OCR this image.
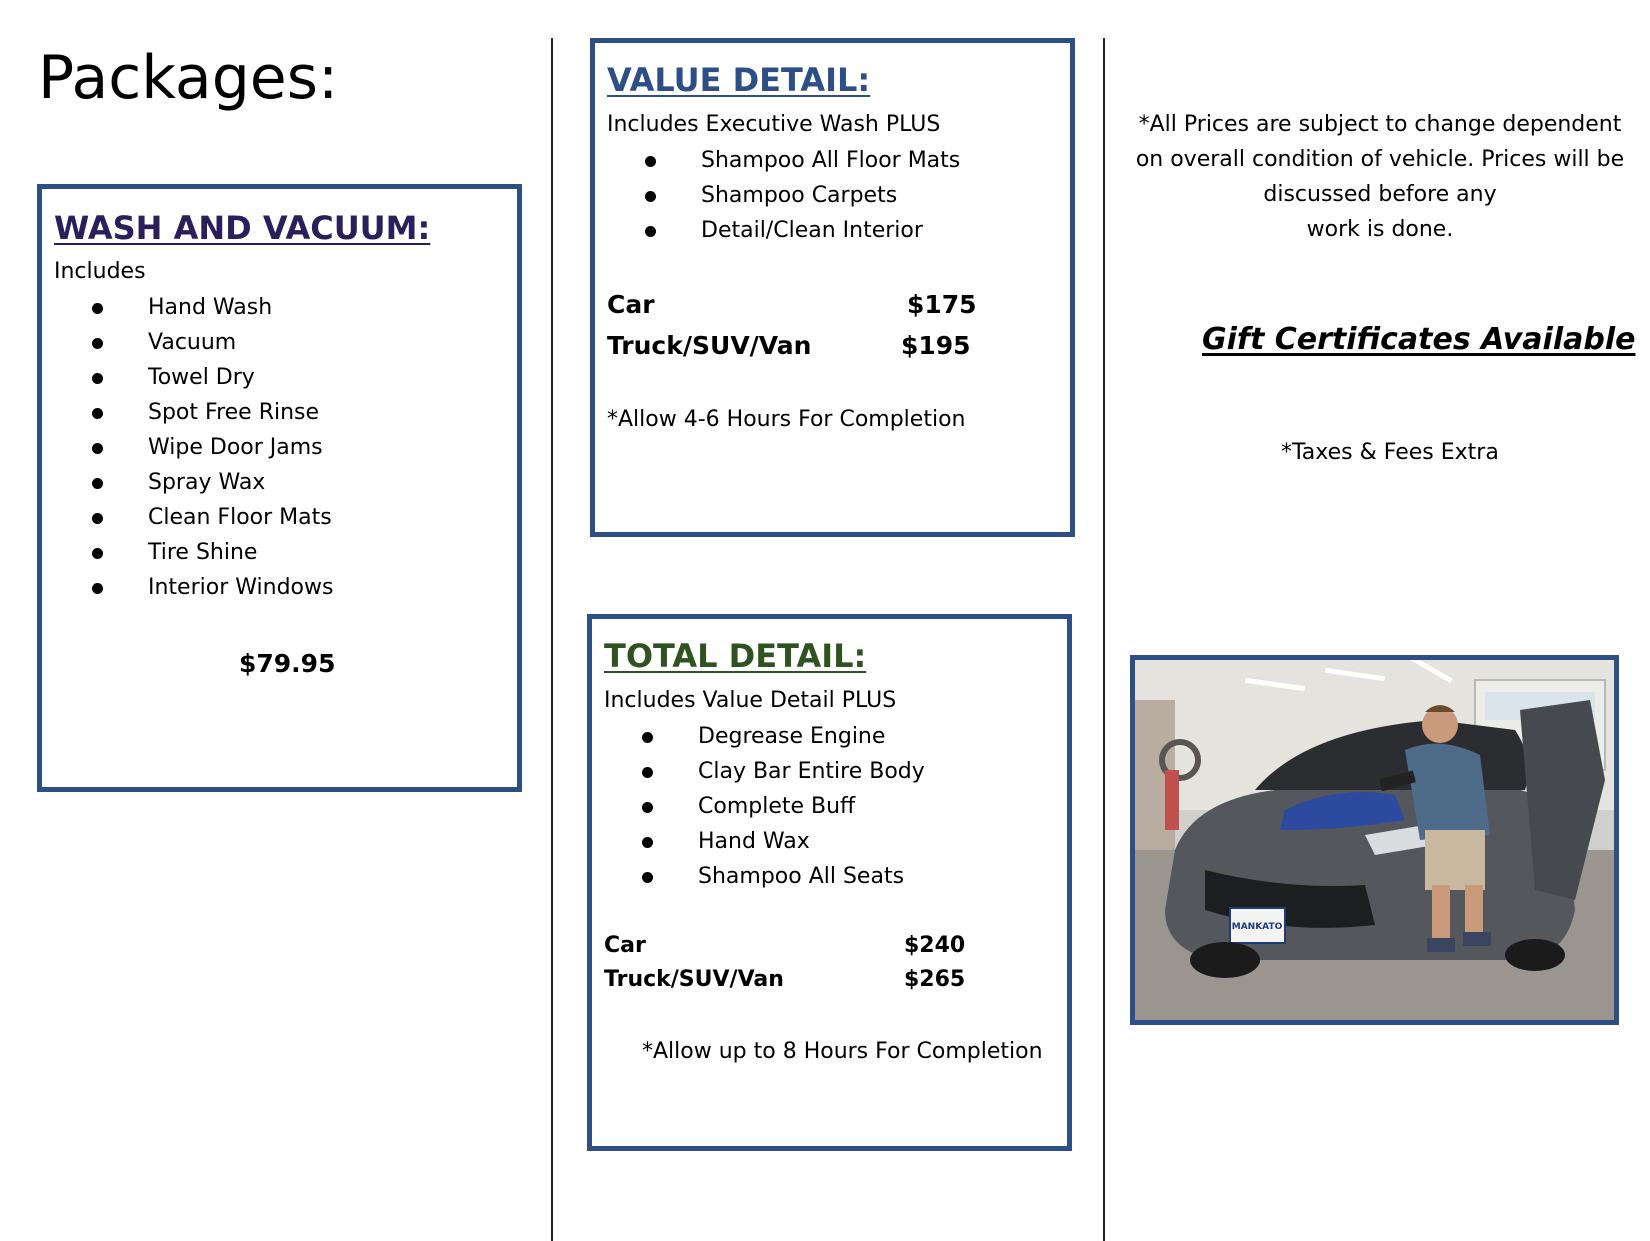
Packages:
WASH AND VACUUM:
Includes
Hand Wash
Vacuum
Towel Dry
Spot Free Rinse
Wipe Door Jams
Spray Wax
Clean Floor Mats
Tire Shine
Interior Windows
$79.95
VALUE DETAIL:
Includes Executive Wash PLUS
Shampoo All Floor Mats
Shampoo Carpets
Detail/Clean Interior
Car	$175
Truck/SUV/Van	$195
*Allow 4-6 Hours For Completion
TOTAL DETAIL:
Includes Value Detail PLUS
Degrease Engine
Clay Bar Entire Body
Complete Buff
Hand Wax
Shampoo All Seats
Car	$240
Truck/SUV/Van	$265
*Allow up to 8 Hours For Completion
*All Prices are subject to change dependent
on overall condition of vehicle. Prices will be
discussed before any
work is done.
Gift Certificates Available
*Taxes & Fees Extra
MANKATO
